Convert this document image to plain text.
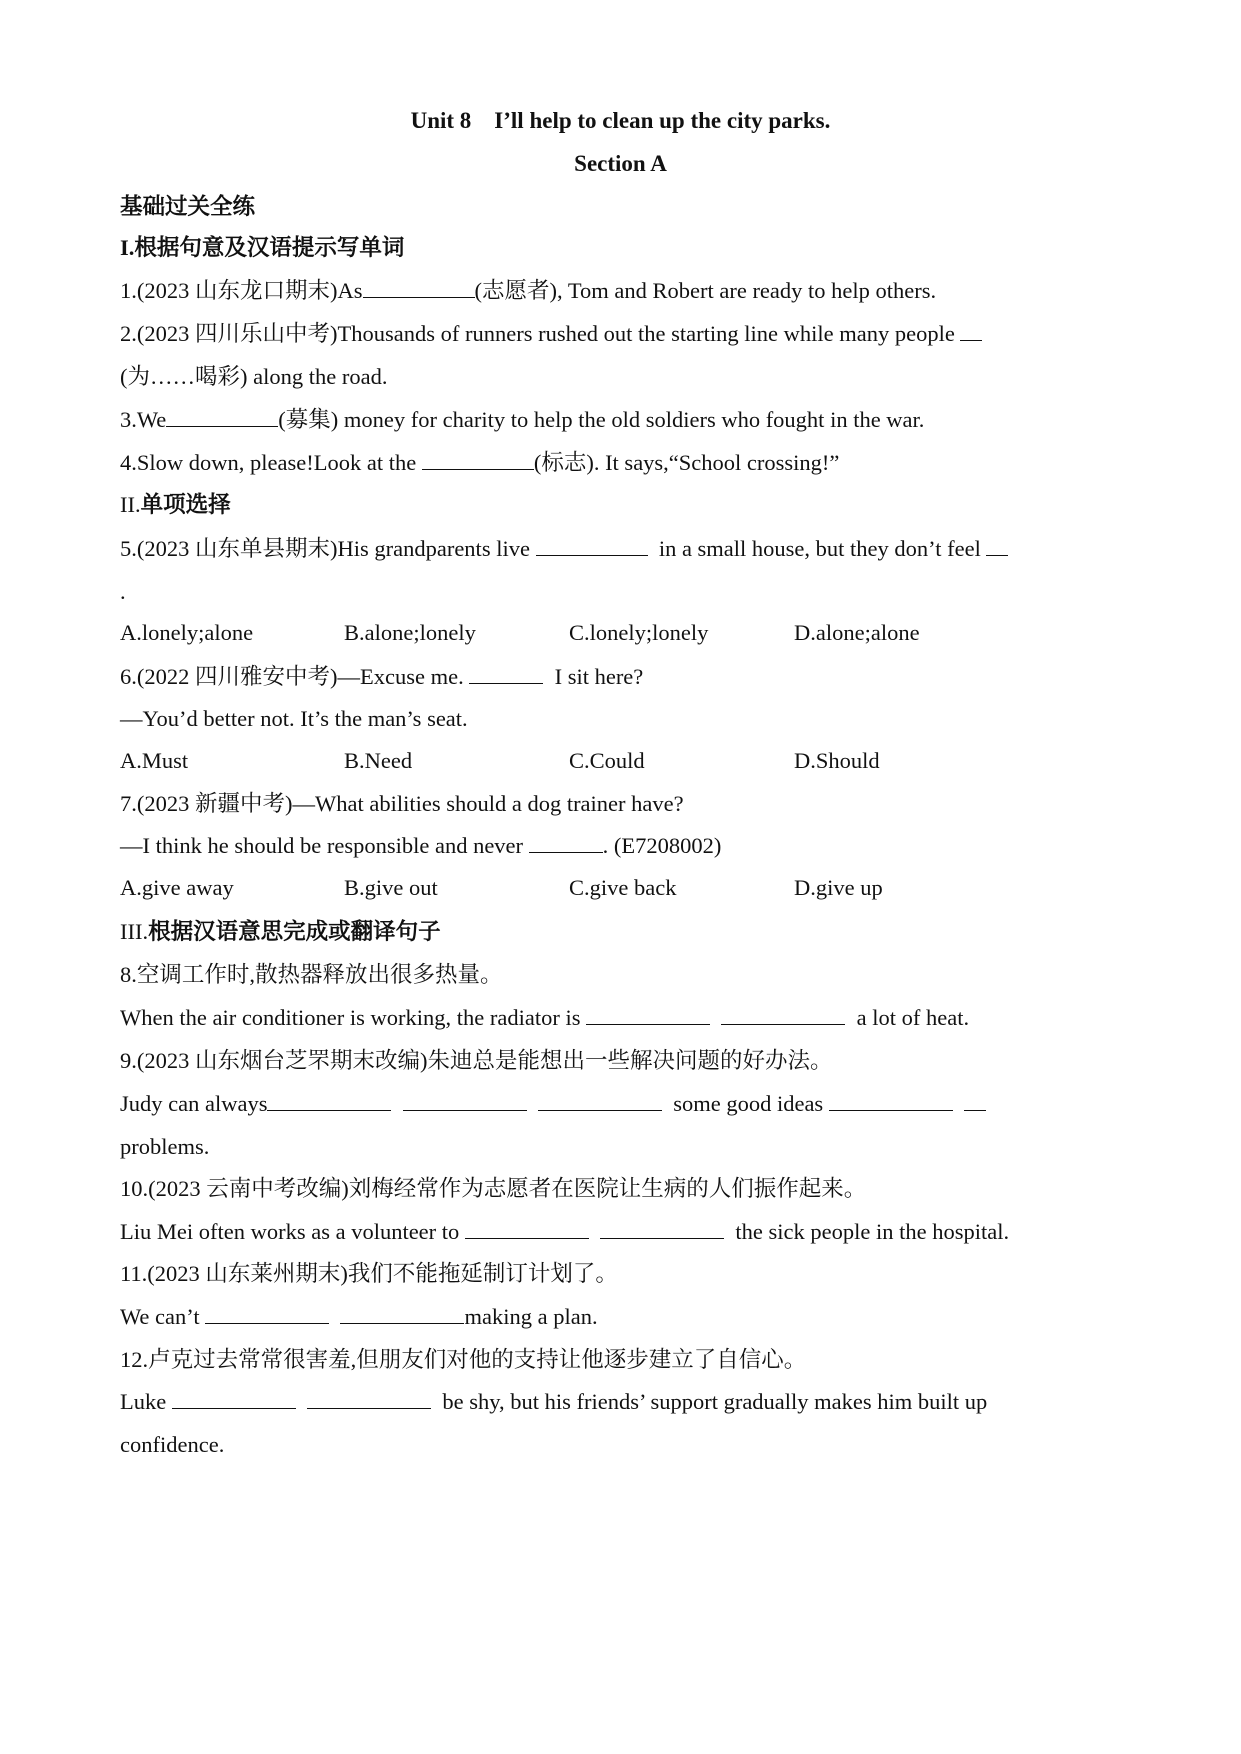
Unit 8    I’ll help to clean up the city parks.
Section A
基础过关全练
I.根据句意及汉语提示写单词
1.(2023 山东龙口期末)As	(志愿者), Tom and Robert are ready to help others.
2.(2023 四川乐山中考)Thousands of runners rushed out the starting line while many people
(为……喝彩) along the road.
3.We	(募集) money for charity to help the old soldiers who fought in the war.
4.Slow down, please!Look at the	(标志). It says,“School crossing!”
II.单项选择
5.(2023 山东单县期末)His grandparents live	in a small house, but they don’t feel
.
A.lonely;alone	B.alone;lonely	C.lonely;lonely	D.alone;alone
6.(2022 四川雅安中考)—Excuse me.	I sit here?
—You’d better not. It’s the man’s seat.
A.Must	B.Need	C.Could	D.Should
7.(2023 新疆中考)—What abilities should a dog trainer have?
—I think he should be responsible and never	. (E7208002)
A.give away	B.give out	C.give back	D.give up
III.根据汉语意思完成或翻译句子
8.空调工作时,散热器释放出很多热量。
When the air conditioner is working, the radiator is	a lot of heat.
9.(2023 山东烟台芝罘期末改编)朱迪总是能想出一些解决问题的好办法。
Judy can always	some good ideas
problems.
10.(2023 云南中考改编)刘梅经常作为志愿者在医院让生病的人们振作起来。
Liu Mei often works as a volunteer to	the sick people in the hospital.
11.(2023 山东莱州期末)我们不能拖延制订计划了。
We can’t	making a plan.
12.卢克过去常常很害羞,但朋友们对他的支持让他逐步建立了自信心。
Luke	be shy, but his friends’ support gradually makes him built up
confidence.
